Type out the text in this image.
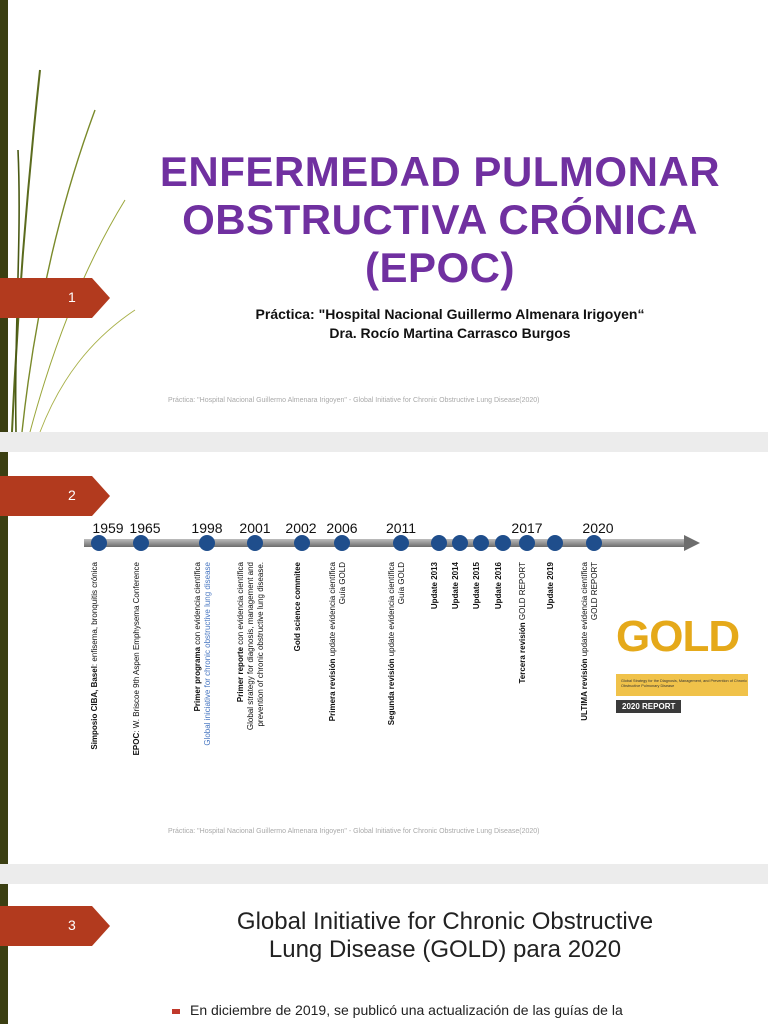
1
ENFERMEDAD PULMONAR
OBSTRUCTIVA CRÓNICA
(EPOC)
Práctica: "Hospital Nacional Guillermo Almenara Irigoyen“
Dra. Rocío Martina Carrasco Burgos
Práctica: "Hospital Nacional Guillermo Almenara Irigoyen" - Global Initiative for Chronic Obstructive Lung Disease(2020)
2
1959
Simposio CIBA, Basel: enfisema, bronquitis crónica
1965
EPOC: W. Briscoe 9th Aspen Emphysema Conference
1998
Primer programa con evidencia científica Global iniciative for chronic obstructive lung disease
2001
Primer reporte con evidencia científica Global strategy for diagnosis, management and prevention of chronic obstructive lung disease.
2002
Gold science commitee
2006
Primera revisión update evidencia científica Guía GOLD
2011
Segunda revisión update evidencia científica Guía GOLD	Update 2013 Update 2014 Update 2015 Update 2016
2017
Tercera revisión GOLD REPORT Update 2019
2020
ULTIMA revisión update evidencia científica GOLD REPORT
GOLD
Global Strategy for the Diagnosis, Management, and Prevention of Chronic Obstructive Pulmonary Disease
2020 REPORT
Práctica: "Hospital Nacional Guillermo Almenara Irigoyen" - Global Initiative for Chronic Obstructive Lung Disease(2020)
3	Global Initiative for Chronic Obstructive
Lung Disease (GOLD) para 2020
En diciembre de 2019, se publicó una actualización de las guías de la
